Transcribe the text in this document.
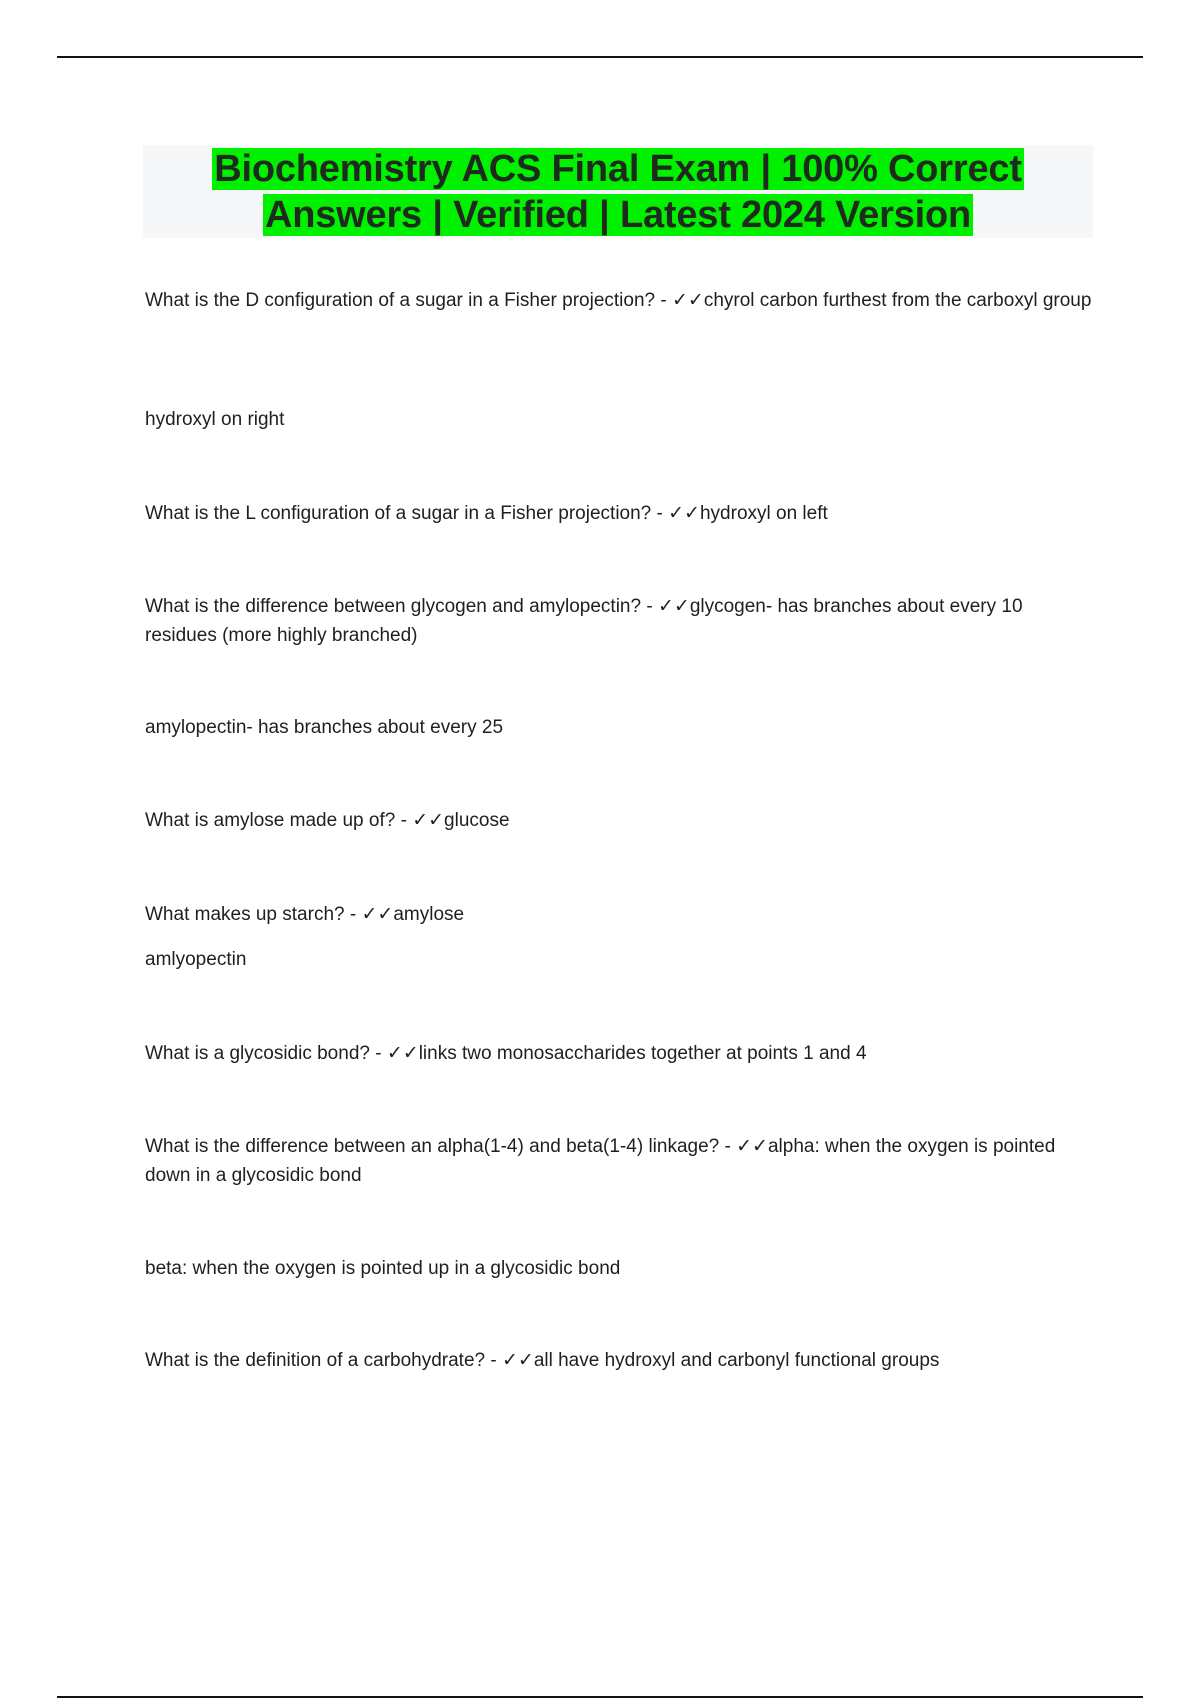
Biochemistry ACS Final Exam | 100% Correct
Answers | Verified | Latest 2024 Version

What is the D configuration of a sugar in a Fisher projection? - ✓✓chyrol carbon furthest from the carboxyl group

hydroxyl on right

What is the L configuration of a sugar in a Fisher projection? - ✓✓hydroxyl on left

What is the difference between glycogen and amylopectin? - ✓✓glycogen- has branches about every 10 residues (more highly branched)

amylopectin- has branches about every 25

What is amylose made up of? - ✓✓glucose

What makes up starch? - ✓✓amylose

amlyopectin

What is a glycosidic bond? - ✓✓links two monosaccharides together at points 1 and 4

What is the difference between an alpha(1-4) and beta(1-4) linkage? - ✓✓alpha: when the oxygen is pointed down in a glycosidic bond

beta: when the oxygen is pointed up in a glycosidic bond

What is the definition of a carbohydrate? - ✓✓all have hydroxyl and carbonyl functional groups
